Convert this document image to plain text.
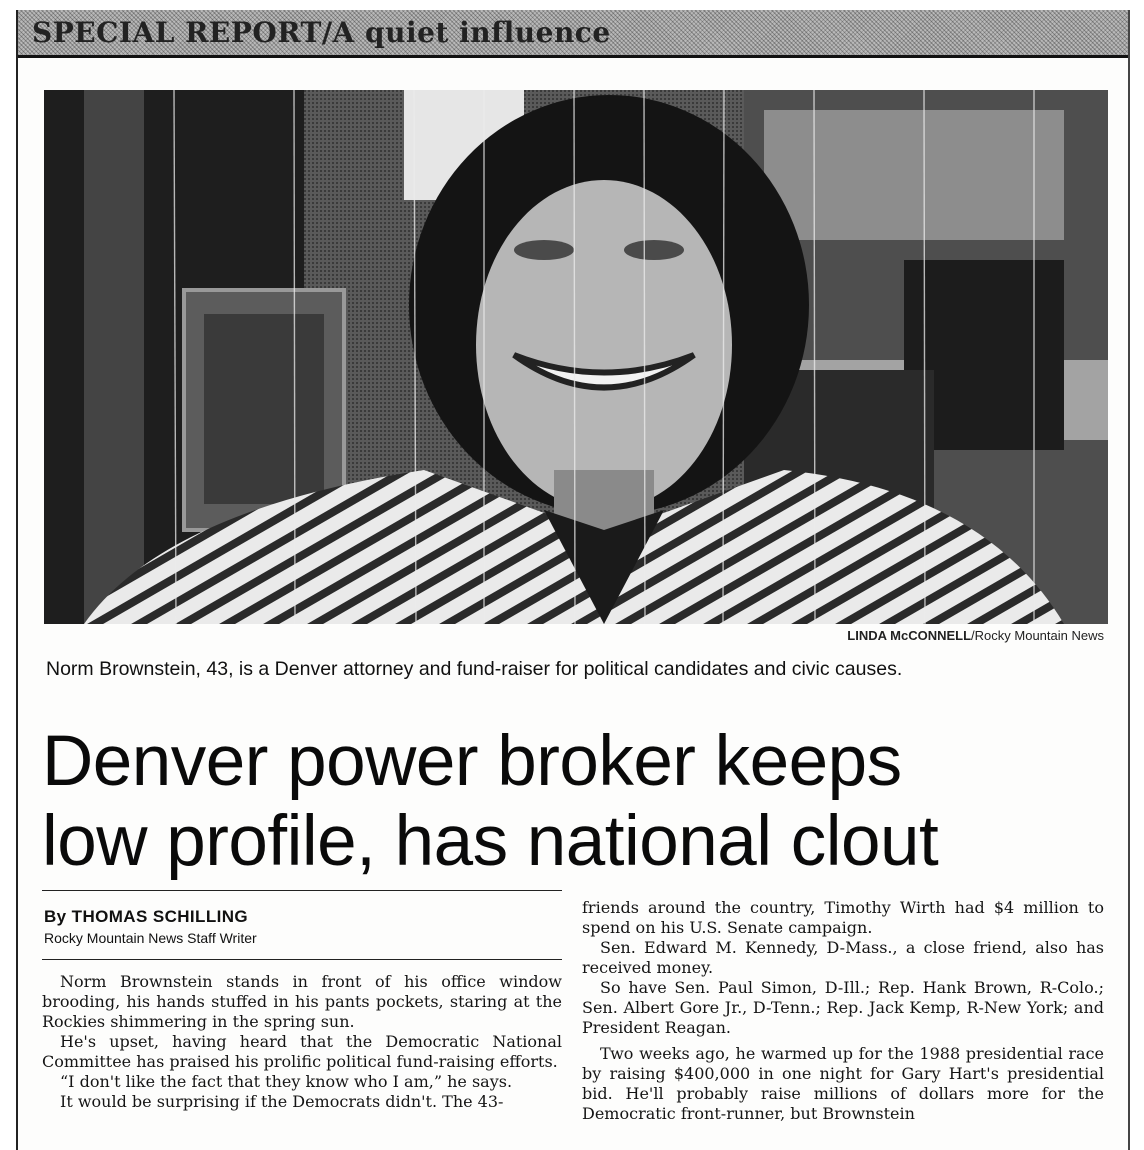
SPECIAL REPORT/A quiet influence
LINDA McCONNELL/Rocky Mountain News
Norm Brownstein, 43, is a Denver attorney and fund-raiser for political candidates and civic causes.
Denver power broker keeps
low profile, has national clout
By THOMAS SCHILLING
Rocky Mountain News Staff Writer

Norm Brownstein stands in front of his office window brooding, his hands stuffed in his pants pockets, staring at the Rockies shimmering in the spring sun.

He's upset, having heard that the Democratic National Committee has praised his prolific political fund-raising efforts.

“I don't like the fact that they know who I am,” he says.

It would be surprising if the Democrats didn't. The 43-

friends around the country, Timothy Wirth had $4 million to spend on his U.S. Senate campaign.

Sen. Edward M. Kennedy, D-Mass., a close friend, also has received money.

So have Sen. Paul Simon, D-Ill.; Rep. Hank Brown, R-Colo.; Sen. Albert Gore Jr., D-Tenn.; Rep. Jack Kemp, R-New York; and President Reagan.

Two weeks ago, he warmed up for the 1988 presidential race by raising $400,000 in one night for Gary Hart's presidential bid. He'll probably raise millions of dollars more for the Democratic front-runner, but Brownstein
